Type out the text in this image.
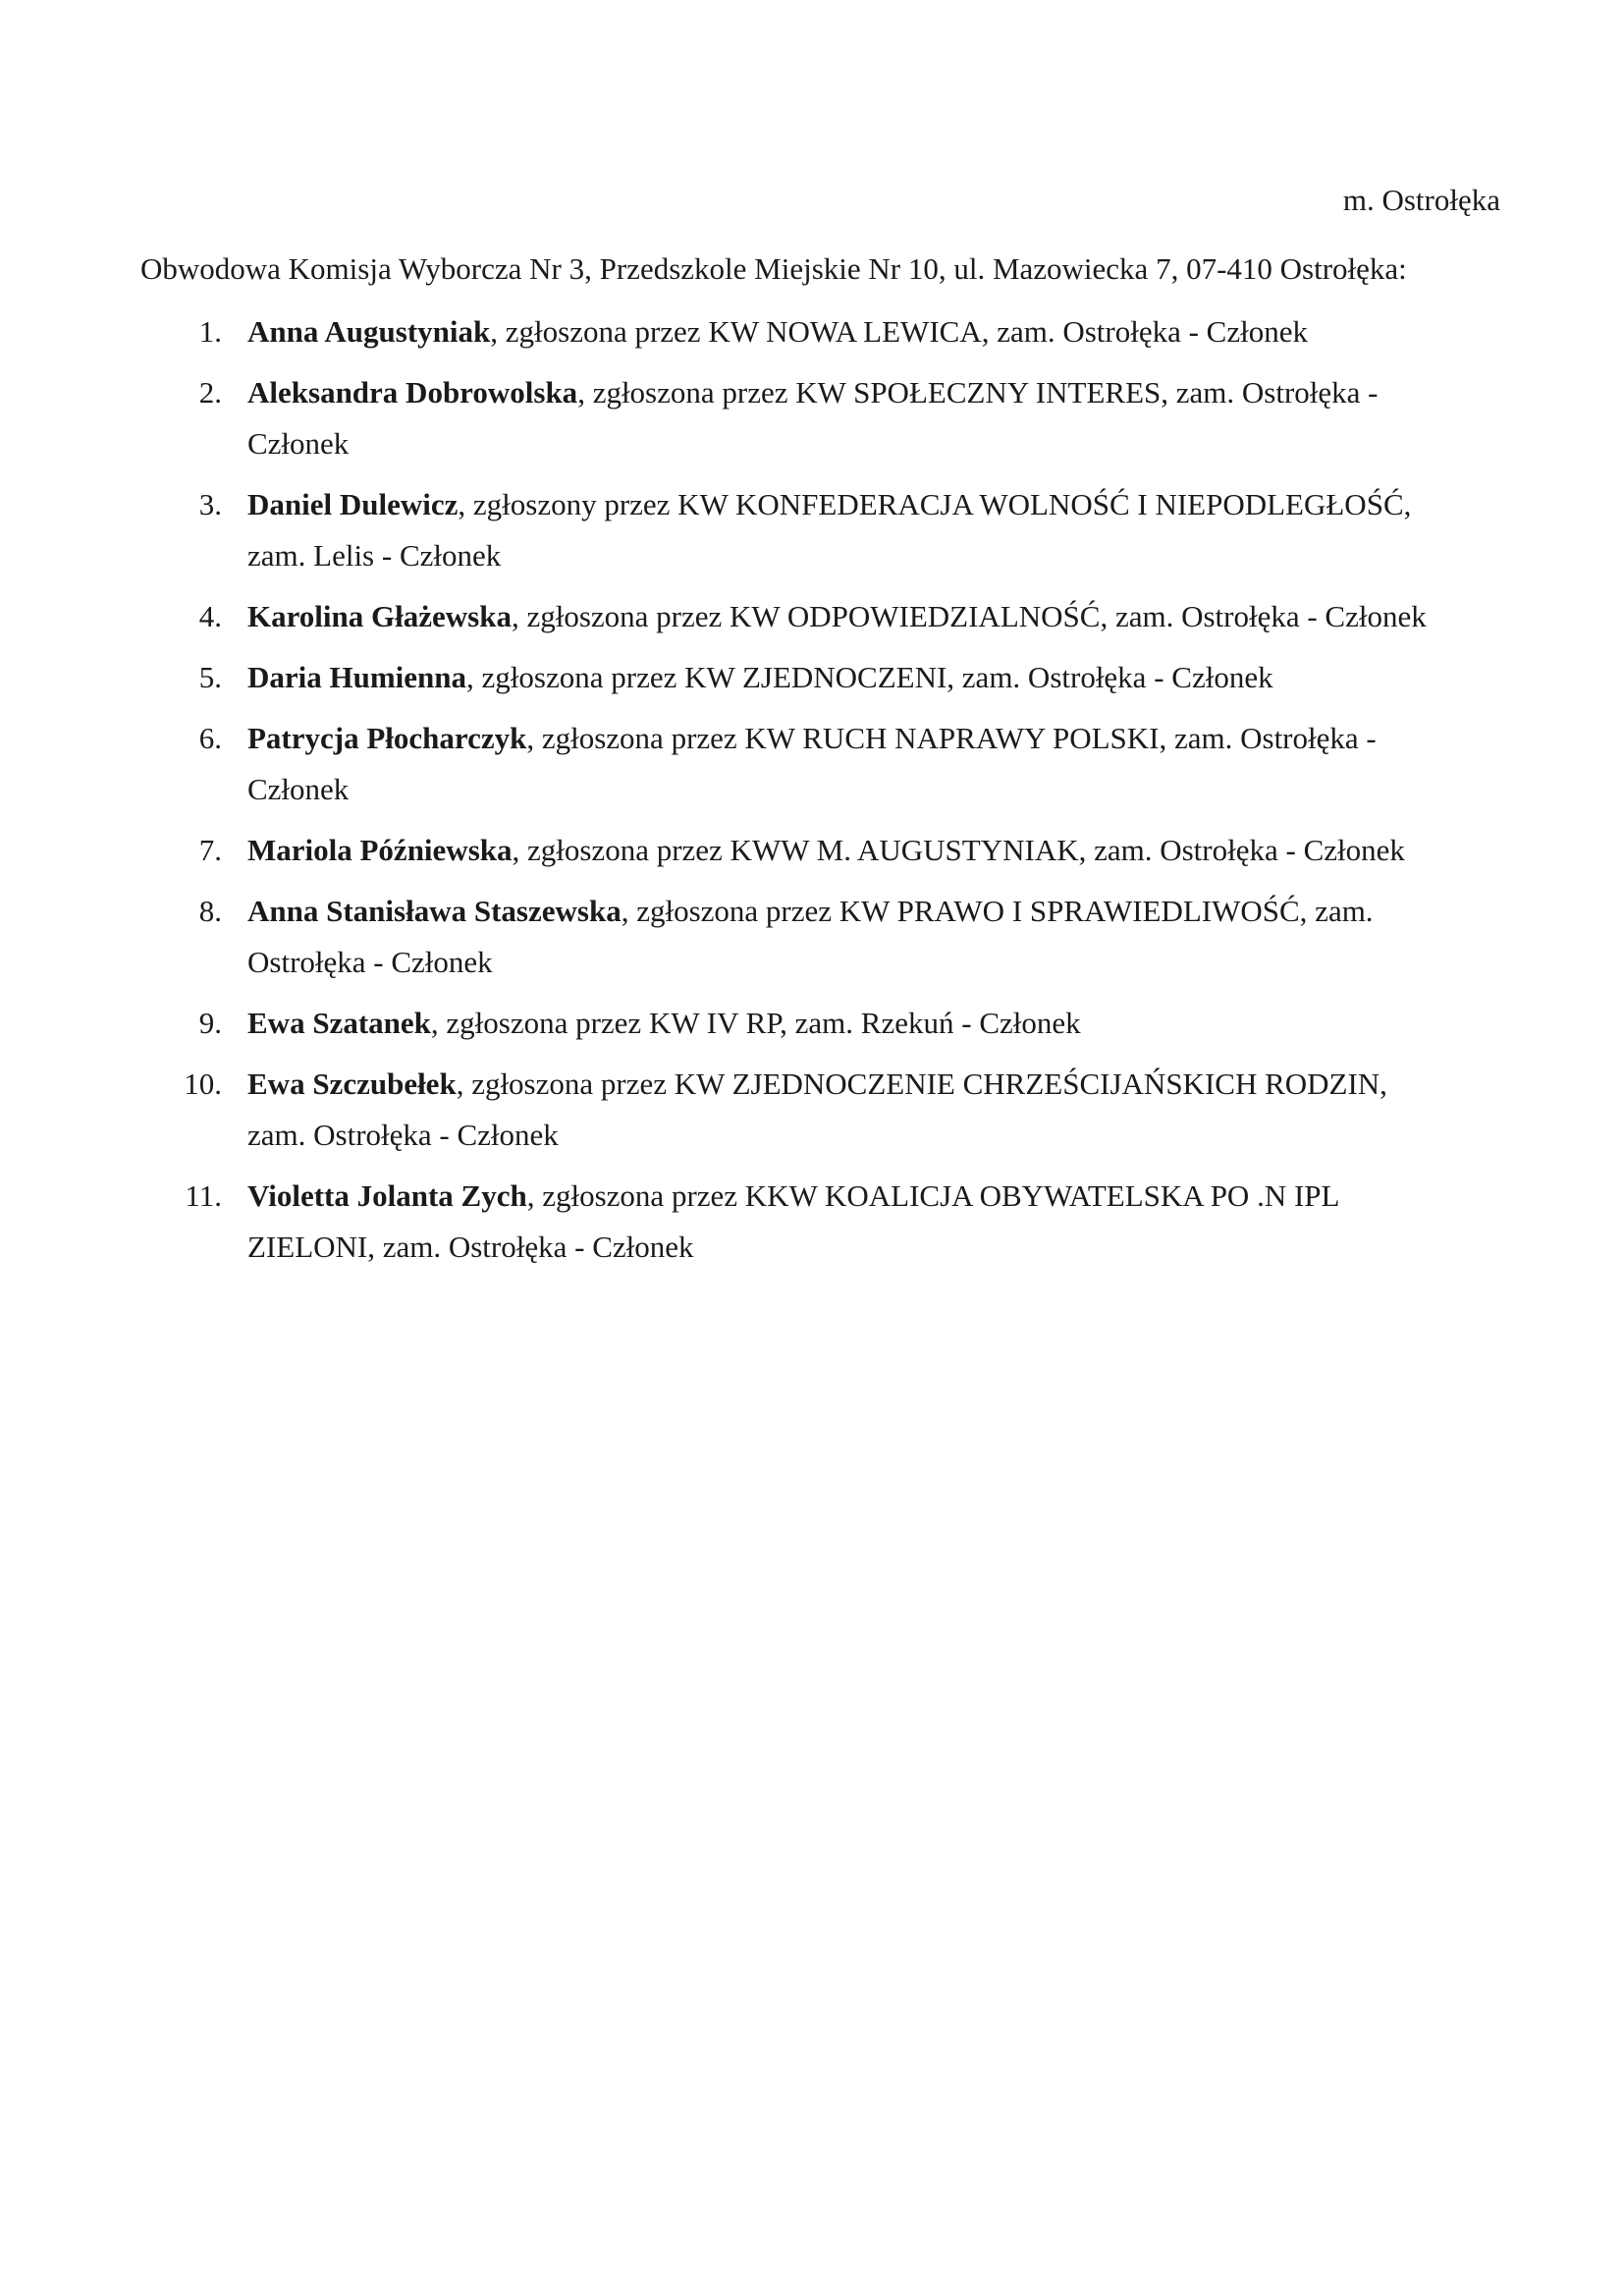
m. Ostrołęka
Obwodowa Komisja Wyborcza Nr 3, Przedszkole Miejskie Nr 10, ul. Mazowiecka 7, 07-410 Ostrołęka:
1. Anna Augustyniak, zgłoszona przez KW NOWA LEWICA, zam. Ostrołęka - Członek
2. Aleksandra Dobrowolska, zgłoszona przez KW SPOŁECZNY INTERES, zam. Ostrołęka - Członek
3. Daniel Dulewicz, zgłoszony przez KW KONFEDERACJA WOLNOŚĆ I NIEPODLEGŁOŚĆ, zam. Lelis - Członek
4. Karolina Głażewska, zgłoszona przez KW ODPOWIEDZIALNOŚĆ, zam. Ostrołęka - Członek
5. Daria Humienna, zgłoszona przez KW ZJEDNOCZENI, zam. Ostrołęka - Członek
6. Patrycja Płocharczyk, zgłoszona przez KW RUCH NAPRAWY POLSKI, zam. Ostrołęka - Członek
7. Mariola Późniewska, zgłoszona przez KWW M. AUGUSTYNIAK, zam. Ostrołęka - Członek
8. Anna Stanisława Staszewska, zgłoszona przez KW PRAWO I SPRAWIEDLIWOŚĆ, zam. Ostrołęka - Członek
9. Ewa Szatanek, zgłoszona przez KW IV RP, zam. Rzekuń - Członek
10. Ewa Szczubełek, zgłoszona przez KW ZJEDNOCZENIE CHRZEŚCIJAŃSKICH RODZIN, zam. Ostrołęka - Członek
11. Violetta Jolanta Zych, zgłoszona przez KKW KOALICJA OBYWATELSKA PO .N IPL ZIELONI, zam. Ostrołęka - Członek
